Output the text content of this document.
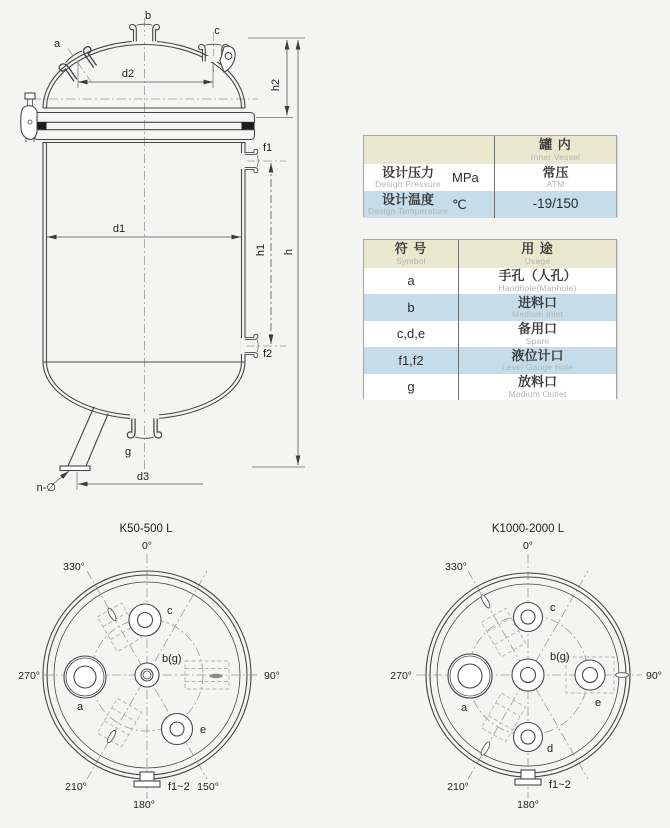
d2
d1
h2
h
h1
d3
n-∅
a
b
c
f1
f2
g
罐 内
Inner Vessel
设计压力
Design Pressure MPa	常压
ATM
设计温度
Design Temperature ℃	-19/150
符 号
Symbol
用 途
Usage
a	手孔（人孔）
Handhole(Manhole)
b	进料口
Medium Inlet
c,d,e	备用口
Spare
f1,f2	液位计口
Level Gauge Hole
g	放料口
Medium Outlet
K50-500 L
0°
330°
270°	90°
210°	150°
180°
c
b(g)
a
e
f1~2
K1000-2000 L
0°
330°
270°	90°
210°
180°
c
b(g)
a	e
d
f1~2
